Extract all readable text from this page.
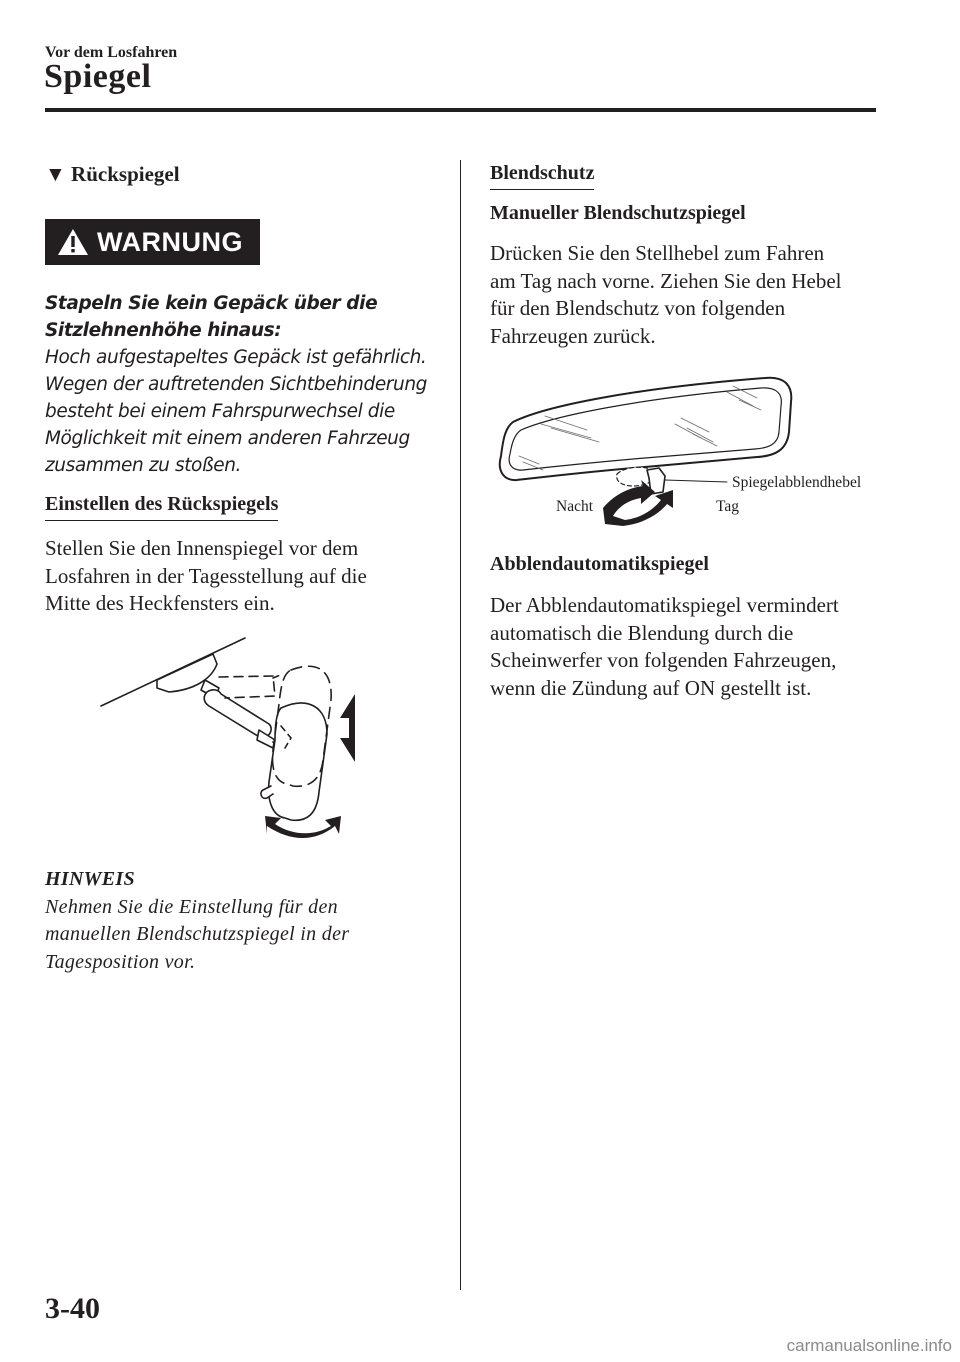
Vor dem Losfahren
Spiegel
▼ Rückspiegel
WARNUNG
Stapeln Sie kein Gepäck über die
Sitzlehnenhöhe hinaus:
Hoch aufgestapeltes Gepäck ist gefährlich.
Wegen der auftretenden Sichtbehinderung
besteht bei einem Fahrspurwechsel die
Möglichkeit mit einem anderen Fahrzeug
zusammen zu stoßen.
Einstellen des Rückspiegels
Stellen Sie den Innenspiegel vor dem
Losfahren in der Tagesstellung auf die
Mitte des Heckfensters ein.
HINWEIS
Nehmen Sie die Einstellung für den
manuellen Blendschutzspiegel in der
Tagesposition vor.
Blendschutz
Manueller Blendschutzspiegel
Drücken Sie den Stellhebel zum Fahren
am Tag nach vorne. Ziehen Sie den Hebel
für den Blendschutz von folgenden
Fahrzeugen zurück.
Spiegelabblendhebel
Nacht	Tag
Abblendautomatikspiegel
Der Abblendautomatikspiegel vermindert
automatisch die Blendung durch die
Scheinwerfer von folgenden Fahrzeugen,
wenn die Zündung auf ON gestellt ist.
3-40
carmanualsonline.info
